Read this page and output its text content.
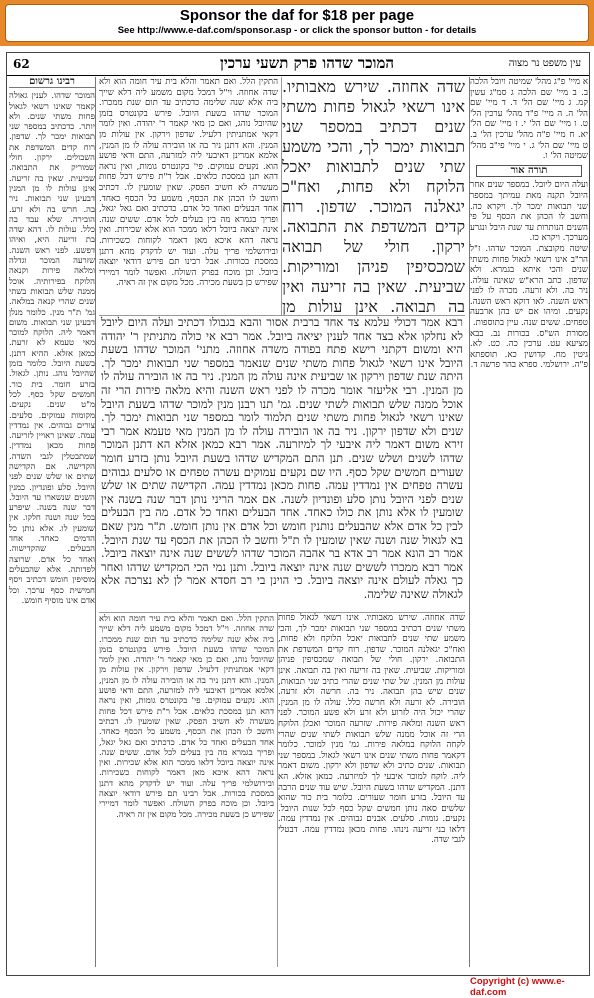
Sponsor the daf for $18 per page
See http://www.e-daf.com/sponsor.asp - or click the sponsor button - for details
62	המוכר שדהו פרק תשעי ערכין	עין משפט נר מצוה
א מיי' פ"ג מהל' שמיטה ויובל הלכה ב. ב מיי' שם הלכה ג סמ"ג עשין קמ. ג מיי' שם הל' ד. ד מיי' שם הל' ה. ה מיי' פ"ד מהל' ערכין הל' ט. ו מיי' שם הל' י. ז מיי' שם הל' יא. ח מיי' פ"ה מהל' ערכין הל' ב. ט מיי' שם הל' ג. י מיי' פי"ב מהל' שמיטה הל' ו.
תורה אור
ועלה היום ליובל. במספר שנים אחר היובל תקנה מאת עמיתך במספר שני תבואות ימכר לך. ויקרא כה. וחשב לו הכהן את הכסף על פי השנים הנותרות עד שנת היבל ונגרע מערכך. ויקרא כז.
שיטה מקובצת. המוכר שדהו. ז"ל הר"ב אינו רשאי לגאול פחות משתי שנים והכי איתא בגמרא. ולא שדפון. כתב הרא"ש שאינה עולה. ניר בה. ולא זרעה. מכרה לו לפני ראש השנה. לאו דוקא ראש השנה. נקעים. ומיהו אם יש בהן ארבעה טפחים. ששים שנה. עיין בתוספות.
מסורת הש"ס. בכורות נב. בבא מציעא עט. ערכין כה. כט. לא. גיטין מח. קדושין כא. תוספתא פ"ה. ירושלמי. ספרא בהר פרשה ד.
שדה אחוזה. שירש מאבותיו. אינו רשאי לגאול פחות משתי שנים דכתיב במספר שני תבואות ימכר לך, והכי משמע שתי שנים לתבואות יאכל הלוקח ולא פחות, ואח"כ יגאלנה המוכר. שדפון. רוח קדים המשדפת את התבואה. ירקון. חולי של תבואה שמכסיפין פניהן ומוריקות. שביעית. שאין בה זריעה ואין בה תבואה. אינן עולות מן
התקין הלל. ואם תאמר והלא בית עיר חומה הוא ולא שדה אחוזה. וי"ל דמכל מקום משמע ליה דלא שייך ביה אלא שנה שלימה כדכתיב עד תום שנת ממכרו. המוכר שדהו בשעת היובל. פירש בקונטרס בזמן שהיובל נוהג, ואם כן מאי קאמר ר' יהודה. ואין לומר דקאי אמתניתין דלעיל. שדפון וירקון. אין עולות מן המנין. והא דתנן ניר בה או הובירה עולה לו מן המנין, אלמא אמרינן דאיבעי ליה למזרעה, התם ודאי פושע הוא. נקעים עמוקים. פי' בקונטרס גומות, ואין נראה דהא תנן במסכת כלאים. אבל ר"ת פירש דכל פחות מעשרה לא חשיב הפסק. שאין שומעין לו. דכתיב וחשב לו הכהן את הכסף, משמע כל הכסף כאחד. אחד הבעלים ואחד כל אדם. כדכתיב ואם גאל יגאל, ופריך בגמרא מה בין בעלים לכל אדם. ששים שנה. אינה יוצאה ביובל דלאו ממכר הוא אלא שכירות. ואין נראה דהא איכא מאן דאמר לקוחות כשכירות. ובירושלמי פריך עלה. ועוד יש לדקדק מהא דתנן במסכת בכורות. אבל רבינו תם פירש דודאי יוצאה ביובל. וכן מוכח בפרק השולח. ואפשר לומר דמיירי שפירש כן בשעת מכירה. מכל מקום אין זה ראיה.
רבא אמר דכולי עלמא צד אחד ברבית אסור והבא בגבולו דכתיב ועלה היום ליובל לא נחלקו אלא בצד אחד לענין יציאה ביובל. אמר רבא אי כולה מתניתין ר' יהודה היא ומשום דקתני רישא פתח בפודה משדה אחוזה. מתני' המוכר שדהו בשעת היובל אינו רשאי לגאול פחות משתי שנים שנאמר במספר שני תבואות ימכר לך. היתה שנת שדפון וירקון או שביעית אינה עולה מן המנין. ניר בה או הובירה עולה לו מן המנין. רבי אליעזר אומר מכרה לו לפני ראש השנה והיא מלאה פירות הרי זה אוכל ממנה שלש תבואות לשתי שנים. גמ' תנו רבנן מנין למוכר שדהו בשעת היובל שאינו רשאי לגאול פחות משתי שנים תלמוד לומר במספר שני תבואות ימכר לך. שנים ולא שדפון ירקון. ניר בה או הובירה עולה לו מן המנין מאי טעמא אמר רבי זירא משום דאמר ליה איבעי לך למיזרעה. אמר רבא כמאן אזלא הא דתנן המוכר שדהו לשנים ושלש שנים. תנן התם המקדיש שדהו בשעת היובל נותן בזרע חומר שעורים חמשים שקל כסף. היו שם נקעים עמוקים עשרה טפחים או סלעים גבוהים עשרה טפחים אין נמדדין עמה. פחות מכאן נמדדין עמה. הקדישה שתים או שלש שנים לפני היובל נותן סלע ופונדיון לשנה. אם אמר הריני נותן דבר שנה בשנה אין שומעין לו אלא נותן את כולו כאחד. אחד הבעלים ואחד כל אדם. מה בין הבעלים לבין כל אדם אלא שהבעלים נותנין חומש וכל אדם אין נותן חומש. ת"ר מנין שאם בא לגאול שנה ושנה שאין שומעין לו ת"ל וחשב לו הכהן את הכסף עד שנת היובל. אמר רב הונא אמר רב אדא בר אהבה המוכר שדהו לששים שנה אינה יוצאה ביובל. אמר רבא ממכרו לששים שנה אינה יוצאה ביובל. ותנן נמי הכי המקדיש שדהו ואחר כך גאלה לעולם אינה יוצאה ביובל. כי הוינן בי רב חסדא אמר לן לא נצרכה אלא לגאולה שאינה שלימה.
שדה אחוזה. שירש מאבותיו. אינו רשאי לגאול פחות משתי שנים דכתיב במספר שני תבואות ימכר לך, והכי משמע שתי שנים לתבואות יאכל הלוקח ולא פחות, ואח"כ יגאלנה המוכר. שדפון. רוח קדים המשדפת את התבואה. ירקון. חולי של תבואה שמכסיפין פניהן ומוריקות. שביעית. שאין בה זריעה ואין בה תבואה. אינן עולות מן המנין. של שתי שנים שהרי כתיב שני תבואות, שנים שיש בהן תבואה. ניר בה. חרשה ולא זרעה. הובירה. לא זרעה ולא חרשה כלל. עולה לו מן המנין. שהרי יכול היה לזרוע ולא זרע ולא פשע המוכר. לפני ראש השנה ומלאה פירות. שזרעה המוכר ואכלן הלוקח הרי זה אוכל ממנה שלש תבואות לשתי שנים שהרי לקחה הלוקח במלאה פירות. גמ' מנין למוכר. כלומר דקאמר פחות משתי שנים אינו רשאי לגאול. במספר שני תבואות. שנים כתיב ולא שדפון ולא ירקון. משום דאמר ליה. לוקח למוכר איבעי לך למיזרעה. כמאן אזלא. הא דתנן. המקדיש שדהו בשעת היובל. שיש עוד שנים הרבה עד היובל. בזרע חומר שעורים. כלומר בית כור שהוא שלשים סאה נותן חמשים שקל כסף לכל שנות היובל. נקעים. גומות. סלעים. אבנים גבוהים. אין נמדדין עמה. דלאו בני זריעה נינהו. פחות מכאן נמדדין עמה. דבטלי לגבי שדה.
התקין הלל. ואם תאמר והלא בית עיר חומה הוא ולא שדה אחוזה. וי"ל דמכל מקום משמע ליה דלא שייך ביה אלא שנה שלימה כדכתיב עד תום שנת ממכרו. המוכר שדהו בשעת היובל. פירש בקונטרס בזמן שהיובל נוהג, ואם כן מאי קאמר ר' יהודה. ואין לומר דקאי אמתניתין דלעיל. שדפון וירקון. אין עולות מן המנין. והא דתנן ניר בה או הובירה עולה לו מן המנין, אלמא אמרינן דאיבעי ליה למזרעה, התם ודאי פושע הוא. נקעים עמוקים. פי' בקונטרס גומות, ואין נראה דהא תנן במסכת כלאים. אבל ר"ת פירש דכל פחות מעשרה לא חשיב הפסק. שאין שומעין לו. דכתיב וחשב לו הכהן את הכסף, משמע כל הכסף כאחד. אחד הבעלים ואחד כל אדם. כדכתיב ואם גאל יגאל, ופריך בגמרא מה בין בעלים לכל אדם. ששים שנה. אינה יוצאה ביובל דלאו ממכר הוא אלא שכירות. ואין נראה דהא איכא מאן דאמר לקוחות כשכירות. ובירושלמי פריך עלה. ועוד יש לדקדק מהא דתנן במסכת בכורות. אבל רבינו תם פירש דודאי יוצאה ביובל. וכן מוכח בפרק השולח. ואפשר לומר דמיירי שפירש כן בשעת מכירה. מכל מקום אין זה ראיה.
רבינו גרשום
המוכר שדהו. לענין גאולה קאמר שאינו רשאי לגאול פחות משתי שנים. ולא יותר. כדכתיב במספר שני תבואות ימכר לך. שדפון. רוח קדים המשדפת את השבולים. ירקון. חולי שמוריק את התבואה. שביעית. שאין בה זריעה. אינן עולות לו מן המנין דבעינן שני תבואות. ניר בה. חרש בה ולא זרע. הובירה. שלא עבד בה כלל. עולות לו. דהא שדה בת זריעה היא, ואיהו דפשע. לפני ראש השנה. שזרעה המוכר וגדלה ומלאה פירות וקנאה הלוקח בפירותיה. אוכל ממנה שלש תבואות בשתי שנים שהרי קנאה במלאה. גמ' ת"ר מנין. כלומר מנלן דבעינן שני תבואות. משום דאמר ליה. הלוקח למוכר מאי טעמא לא זרעת. כמאן אזלא. ההיא דתנן. בשעת היובל. כלומר בזמן שהיובל נוהג. נותן. לגאול. בזרע חומר. בית כור. חמשים שקל כסף. לכל מ"ט שנים. נקעים. מקומות עמוקים. סלעים. צורים גבוהים. אין נמדדין עמה. שאינן ראויין לזריעה. פחות מכאן נמדדין. שמתבטלין לגבי השדה. הקדישה. אם הקדישה שתים או שלש שנים לפני היובל. סלע ופונדיון. כמנין השנים שנשארו עד היובל. דבר שנה בשנה. שיפרע בכל שנה ושנה חלקו. אין שומעין לו. אלא נותן כל הדמים כאחד. אחד הבעלים. שהקדישוה. ואחד כל אדם. שרוצה לפדותה. אלא שהבעלים מוסיפין חומש דכתיב ויסף חמישית כסף ערכך. וכל אדם אינו מוסיף חומש.
Copyright (c) www.e-daf.com
